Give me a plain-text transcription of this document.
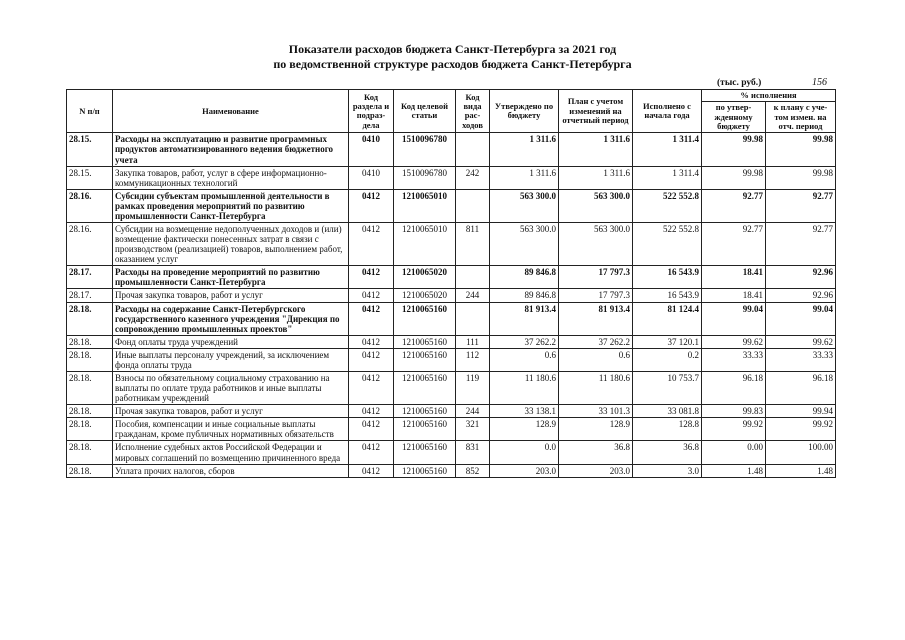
Показатели расходов бюджета Санкт-Петербурга за 2021 год
по ведомственной структуре расходов бюджета Санкт-Петербурга
(тыс. руб.)	156
N п/п	Наименование	Код раздела и подраз-дела	Код целевой статьи	Код вида рас-ходов	Утверждено по бюджету	План с учетом изменений на отчетный период	Исполнено с начала года	% исполнения	
								по утвер-жденному бюджету	к плану с уче-том измен. на отч. период
28.15.	Расходы на эксплуатацию и развитие программных продуктов автоматизированного ведения бюджетного учета	0410	1510096780		1 311.6	1 311.6	1 311.4	99.98	99.98
28.15.	Закупка товаров, работ, услуг в сфере информационно-коммуникационных технологий	0410	1510096780	242	1 311.6	1 311.6	1 311.4	99.98	99.98
28.16.	Субсидии субъектам промышленной деятельности в рамках проведения мероприятий по развитию промышленности Санкт-Петербурга	0412	1210065010		563 300.0	563 300.0	522 552.8	92.77	92.77
28.16.	Субсидии на возмещение недополученных доходов и (или) возмещение фактически понесенных затрат в связи с производством (реализацией) товаров, выполнением работ, оказанием услуг	0412	1210065010	811	563 300.0	563 300.0	522 552.8	92.77	92.77
28.17.	Расходы на проведение мероприятий по развитию промышленности Санкт-Петербурга	0412	1210065020		89 846.8	17 797.3	16 543.9	18.41	92.96
28.17.	Прочая закупка товаров, работ и услуг	0412	1210065020	244	89 846.8	17 797.3	16 543.9	18.41	92.96
28.18.	Расходы на содержание Санкт-Петербургского государственного казенного учреждения "Дирекция по сопровождению промышленных проектов"	0412	1210065160		81 913.4	81 913.4	81 124.4	99.04	99.04
28.18.	Фонд оплаты труда учреждений	0412	1210065160	111	37 262.2	37 262.2	37 120.1	99.62	99.62
28.18.	Иные выплаты персоналу учреждений, за исключением фонда оплаты труда	0412	1210065160	112	0.6	0.6	0.2	33.33	33.33
28.18.	Взносы по обязательному социальному страхованию на выплаты по оплате труда работников и иные выплаты работникам учреждений	0412	1210065160	119	11 180.6	11 180.6	10 753.7	96.18	96.18
28.18.	Прочая закупка товаров, работ и услуг	0412	1210065160	244	33 138.1	33 101.3	33 081.8	99.83	99.94
28.18.	Пособия, компенсации и иные социальные выплаты гражданам, кроме публичных нормативных обязательств	0412	1210065160	321	128.9	128.9	128.8	99.92	99.92
28.18.	Исполнение судебных актов Российской Федерации и мировых соглашений по возмещению причиненного вреда	0412	1210065160	831	0.0	36.8	36.8	0.00	100.00
28.18.	Уплата прочих налогов, сборов	0412	1210065160	852	203.0	203.0	3.0	1.48	1.48
